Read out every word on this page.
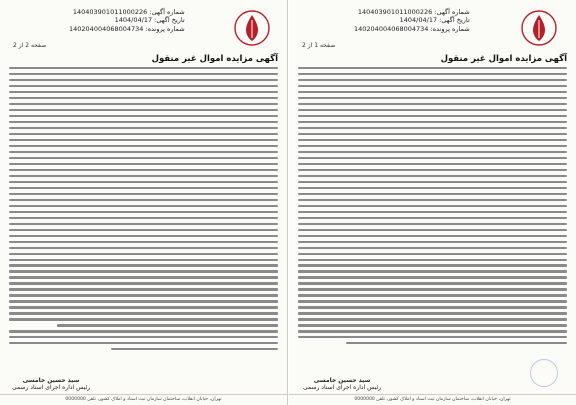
شماره آگهی: 140403901011000226
تاریخ آگهی: 1404/04/17
شماره پرونده: 140204004068004734
صفحه 2 از 2
آگهی مزایده اموال غیر منقول
سید حسین خامسی
رئیس اداره اجرای اسناد رسمی
تهران، خیابان انقلاب، ساختمان سازمان ثبت اسناد و املاک کشور، تلفن 0000000
شماره آگهی: 140403901011000226
تاریخ آگهی: 1404/04/17
شماره پرونده: 140204004068004734
صفحه 1 از 2
آگهی مزایده اموال غیر منقول
سید حسین خامسی
رئیس اداره اجرای اسناد رسمی
تهران، خیابان انقلاب، ساختمان سازمان ثبت اسناد و املاک کشور، تلفن 0000000
